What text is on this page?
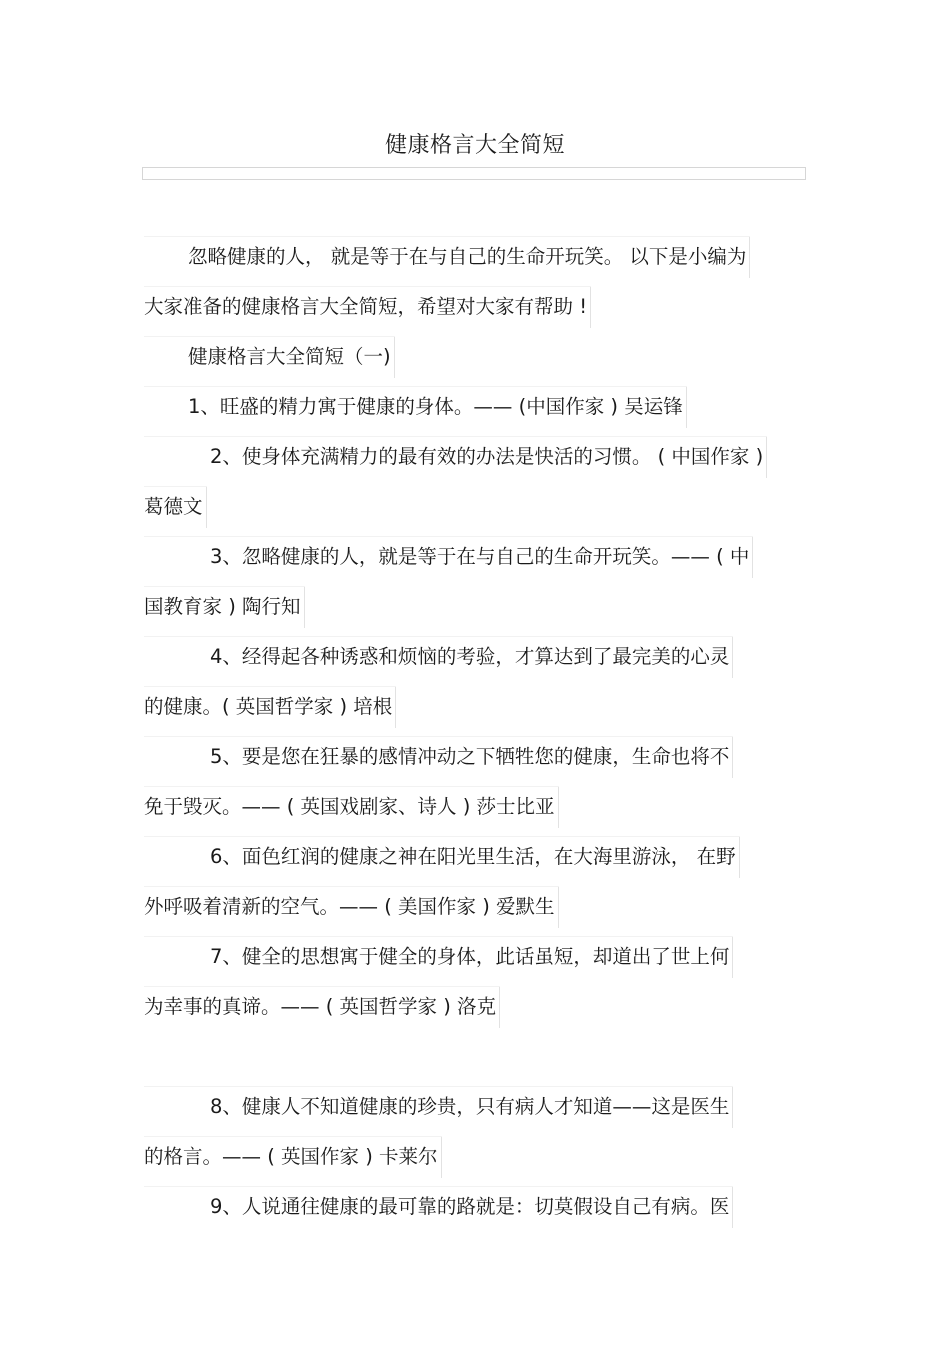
健康格言大全简短
忽略健康的人， 就是等于在与自己的生命开玩笑。 以下是小编为
大家准备的健康格言大全简短，希望对大家有帮助 !
健康格言大全简短（一)
1、旺盛的精力寓于健康的身体。—— (中国作家 ) 吴运锋
2、使身体充满精力的最有效的办法是快活的习惯。 ( 中国作家 )
葛德文
3、忽略健康的人，就是等于在与自己的生命开玩笑。—— ( 中
国教育家 ) 陶行知
4、经得起各种诱惑和烦恼的考验，才算达到了最完美的心灵
的健康。( 英国哲学家 ) 培根
5、要是您在狂暴的感情冲动之下牺牲您的健康，生命也将不
免于毁灭。—— ( 英国戏剧家、诗人 ) 莎士比亚
6、面色红润的健康之神在阳光里生活，在大海里游泳， 在野
外呼吸着清新的空气。—— ( 美国作家 ) 爱默生
7、健全的思想寓于健全的身体，此话虽短，却道出了世上何
为幸事的真谛。—— ( 英国哲学家 ) 洛克
8、健康人不知道健康的珍贵，只有病人才知道——这是医生
的格言。—— ( 英国作家 ) 卡莱尔
9、人说通往健康的最可靠的路就是：切莫假设自己有病。医
